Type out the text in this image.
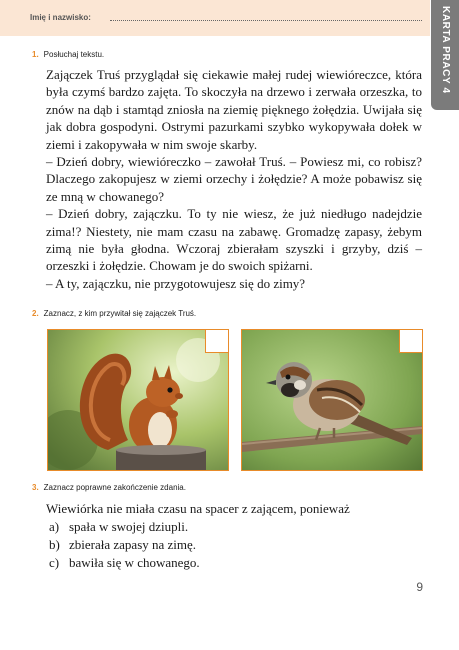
Imię i nazwisko:	KARTA PRACY 4
1. Posłuchaj tekstu.

Zajączek Truś przyglądał się ciekawie małej rudej wiewióreczce, która była czymś bardzo zajęta. To skoczyła na drzewo i zerwała orzeszka, to znów na dąb i stamtąd zniosła na ziemię pięknego żołędzia. Uwijała się jak dobra gospodyni. Ostrymi pazurkami szybko wykopywała dołek w ziemi i zakopywała w nim swoje skarby.

– Dzień dobry, wiewióreczko – zawołał Truś. – Powiesz mi, co robisz? Dlaczego zakopujesz w ziemi orzechy i żołędzie? A może pobawisz się ze mną w chowanego?

– Dzień dobry, zajączku. To ty nie wiesz, że już niedługo nadejdzie zima!? Niestety, nie mam czasu na zabawę. Gromadzę zapasy, żebym zimą nie była głodna. Wczoraj zbierałam szyszki i grzyby, dziś – orzeszki i żołędzie. Chowam je do swoich spiżarni.

– A ty, zajączku, nie przygotowujesz się do zimy?

2. Zaznacz, z kim przywitał się zajączek Truś.
3. Zaznacz poprawne zakończenie zdania.
Wiewiórka nie miała czasu na spacer z zającem, ponieważ
a) spała w swojej dziupli.
b) zbierała zapasy na zimę.
c) bawiła się w chowanego.
9
